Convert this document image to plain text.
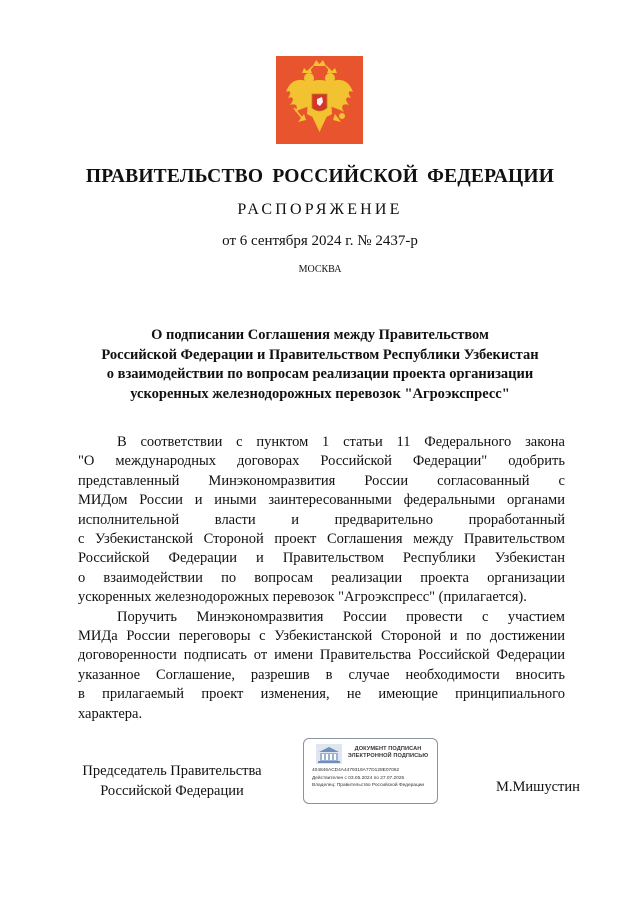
ПРАВИТЕЛЬСТВО РОССИЙСКОЙ ФЕДЕРАЦИИ
РАСПОРЯЖЕНИЕ
от 6 сентября 2024 г. № 2437-р
МОСКВА
О подписании Соглашения между Правительством
Российской Федерации и Правительством Республики Узбекистан
о взаимодействии по вопросам реализации проекта организации
ускоренных железнодорожных перевозок "Агроэкспресс"
В соответствии с пунктом 1 статьи 11 Федерального закона
"О международных договорах Российской Федерации" одобрить
представленный Минэкономразвития России согласованный с
МИДом России и иными заинтересованными федеральными органами
исполнительной власти и предварительно проработанный
с Узбекистанской Стороной проект Соглашения между Правительством
Российской Федерации и Правительством Республики Узбекистан
о взаимодействии по вопросам реализации проекта организации
ускоренных железнодорожных перевозок "Агроэкспресс" (прилагается).
Поручить Минэкономразвития России провести с участием
МИДа России переговоры с Узбекистанской Стороной и по достижении
договоренности подписать от имени Правительства Российской Федерации
указанное Соглашение, разрешив в случае необходимости вносить
в прилагаемый проект изменения, не имеющие принципиального
характера.
Председатель Правительства
Российской Федерации
ДОКУМЕНТ ПОДПИСАН
ЭЛЕКТРОННОЙ ПОДПИСЬЮ
404846ACD4A4479319A77D128E07062
Действителен с 03.05.2024 по 27.07.2025
Владелец: Правительство Российской Федерации	М.Мишустин
